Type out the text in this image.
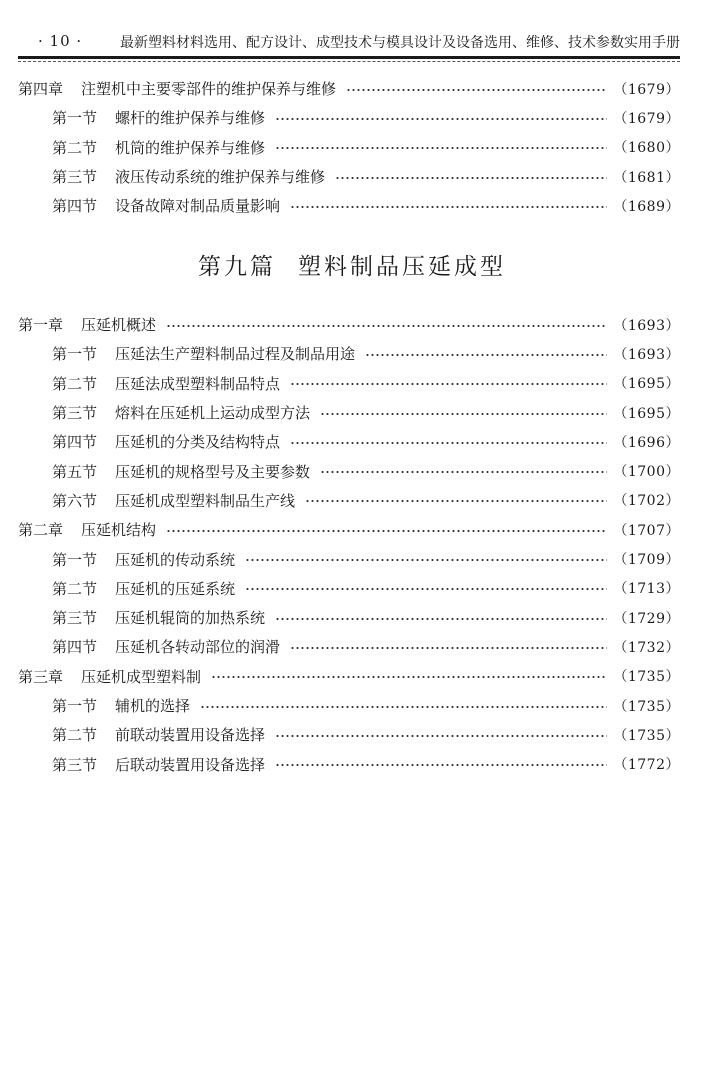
· 10 ·	最新塑料材料选用、配方设计、成型技术与模具设计及设备选用、维修、技术参数实用手册
第四章 注塑机中主要零部件的维护保养与维修	（1679）
第一节 螺杆的维护保养与维修	（1679）
第二节 机筒的维护保养与维修	（1680）
第三节 液压传动系统的维护保养与维修	（1681）
第四节 设备故障对制品质量影响	（1689）
第九篇 塑料制品压延成型
第一章 压延机概述	（1693）
第一节 压延法生产塑料制品过程及制品用途	（1693）
第二节 压延法成型塑料制品特点	（1695）
第三节 熔料在压延机上运动成型方法	（1695）
第四节 压延机的分类及结构特点	（1696）
第五节 压延机的规格型号及主要参数	（1700）
第六节 压延机成型塑料制品生产线	（1702）
第二章 压延机结构	（1707）
第一节 压延机的传动系统	（1709）
第二节 压延机的压延系统	（1713）
第三节 压延机辊筒的加热系统	（1729）
第四节 压延机各转动部位的润滑	（1732）
第三章 压延机成型塑料制	（1735）
第一节 辅机的选择	（1735）
第二节 前联动装置用设备选择	（1735）
第三节 后联动装置用设备选择	（1772）
